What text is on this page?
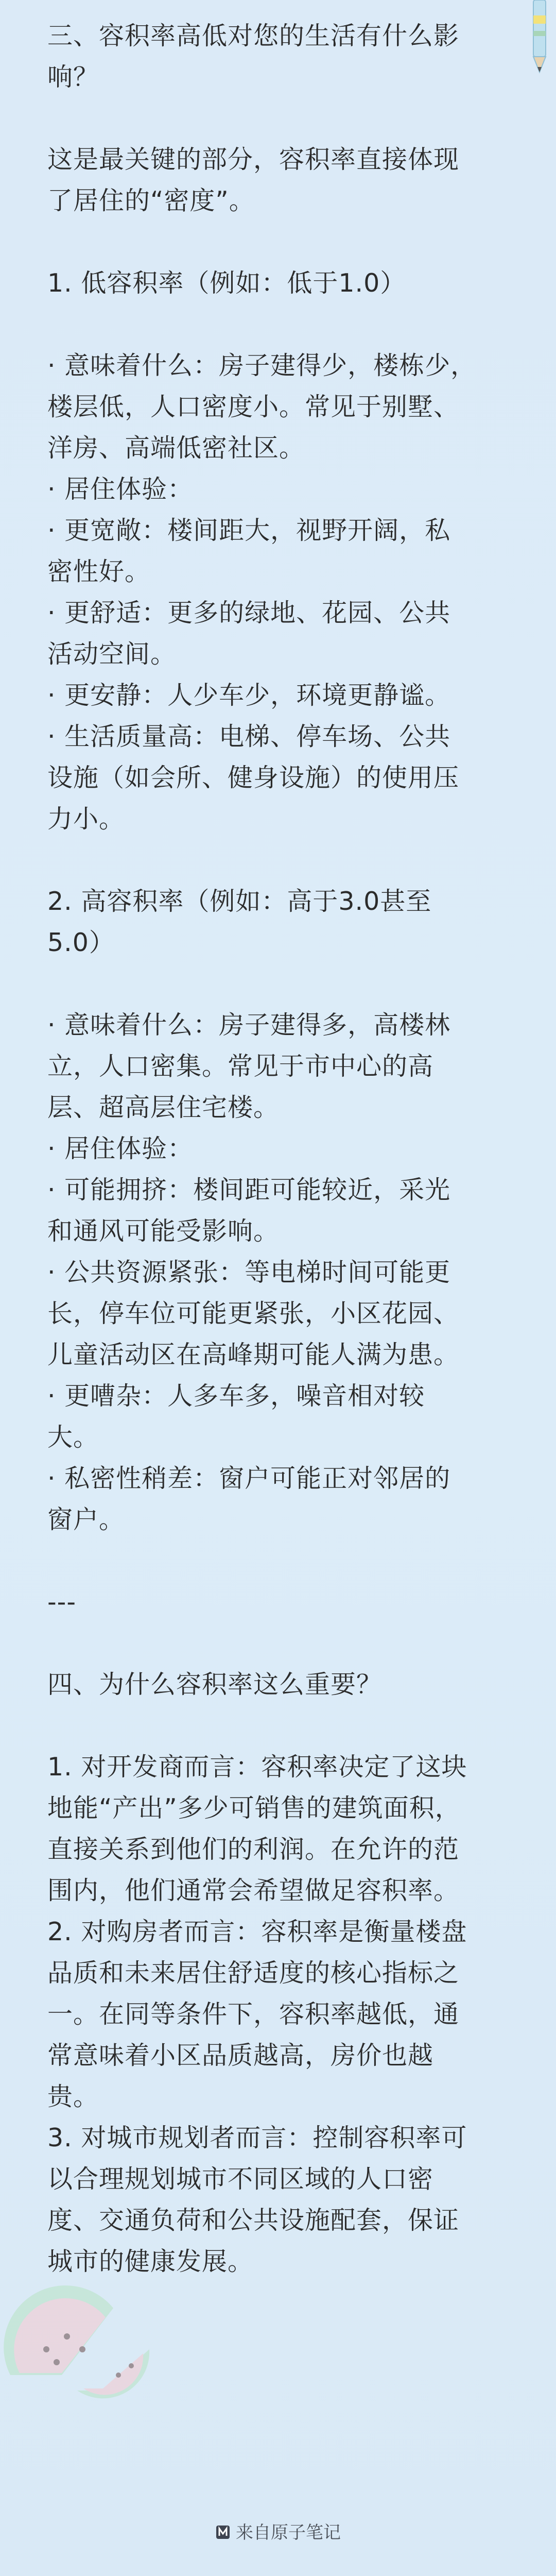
三、容积率高低对您的生活有什么影
响？
这是最关键的部分，容积率直接体现
了居住的“密度”。
1. 低容积率（例如：低于1.0）
· 意味着什么：房子建得少，楼栋少，
楼层低，人口密度小。常见于别墅、
洋房、高端低密社区。
· 居住体验：
· 更宽敞：楼间距大，视野开阔，私
密性好。
· 更舒适：更多的绿地、花园、公共
活动空间。
· 更安静：人少车少，环境更静谧。
· 生活质量高：电梯、停车场、公共
设施（如会所、健身设施）的使用压
力小。
2. 高容积率（例如：高于3.0甚至
5.0）
· 意味着什么：房子建得多，高楼林
立，人口密集。常见于市中心的高
层、超高层住宅楼。
· 居住体验：
· 可能拥挤：楼间距可能较近，采光
和通风可能受影响。
· 公共资源紧张：等电梯时间可能更
长，停车位可能更紧张，小区花园、
儿童活动区在高峰期可能人满为患。
· 更嘈杂：人多车多，噪音相对较
大。
· 私密性稍差：窗户可能正对邻居的
窗户。
---
四、为什么容积率这么重要？
1. 对开发商而言：容积率决定了这块
地能“产出”多少可销售的建筑面积，
直接关系到他们的利润。在允许的范
围内，他们通常会希望做足容积率。
2. 对购房者而言：容积率是衡量楼盘
品质和未来居住舒适度的核心指标之
一。在同等条件下，容积率越低，通
常意味着小区品质越高，房价也越
贵。
3. 对城市规划者而言：控制容积率可
以合理规划城市不同区域的人口密
度、交通负荷和公共设施配套，保证
城市的健康发展。
来自原子笔记
